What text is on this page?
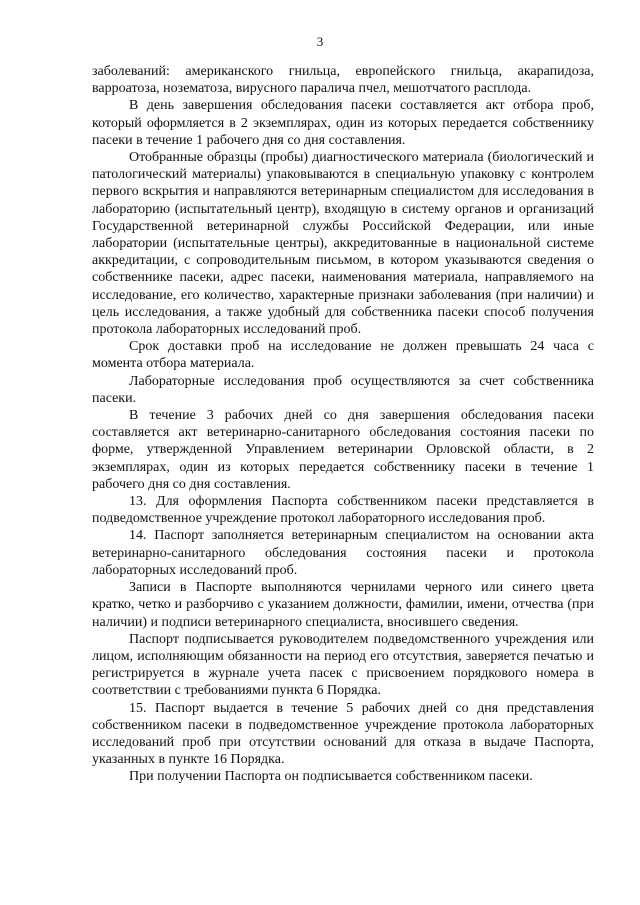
3

заболеваний: американского гнильца, европейского гнильца, акарапидоза, варроатоза, нозематоза, вирусного паралича пчел, мешотчатого расплода.

В день завершения обследования пасеки составляется акт отбора проб, который оформляется в 2 экземплярах, один из которых передается собственнику пасеки в течение 1 рабочего дня со дня составления.

Отобранные образцы (пробы) диагностического материала (биологический и патологический материалы) упаковываются в специальную упаковку с контролем первого вскрытия и направляются ветеринарным специалистом для исследования в лабораторию (испытательный центр), входящую в систему органов и организаций Государственной ветеринарной службы Российской Федерации, или иные лаборатории (испытательные центры), аккредитованные в национальной системе аккредитации, с сопроводительным письмом, в котором указываются сведения о собственнике пасеки, адрес пасеки, наименования материала, направляемого на исследование, его количество, характерные признаки заболевания (при наличии) и цель исследования, а также удобный для собственника пасеки способ получения протокола лабораторных исследований проб.

Срок доставки проб на исследование не должен превышать 24 часа с момента отбора материала.

Лабораторные исследования проб осуществляются за счет собственника пасеки.

В течение 3 рабочих дней со дня завершения обследования пасеки составляется акт ветеринарно-санитарного обследования состояния пасеки по форме, утвержденной Управлением ветеринарии Орловской области, в 2 экземплярах, один из которых передается собственнику пасеки в течение 1 рабочего дня со дня составления.

13. Для оформления Паспорта собственником пасеки представляется в подведомственное учреждение протокол лабораторного исследования проб.

14. Паспорт заполняется ветеринарным специалистом на основании акта ветеринарно-санитарного обследования состояния пасеки и протокола лабораторных исследований проб.

Записи в Паспорте выполняются чернилами черного или синего цвета кратко, четко и разборчиво с указанием должности, фамилии, имени, отчества (при наличии) и подписи ветеринарного специалиста, вносившего сведения.

Паспорт подписывается руководителем подведомственного учреждения или лицом, исполняющим обязанности на период его отсутствия, заверяется печатью и регистрируется в журнале учета пасек с присвоением порядкового номера в соответствии с требованиями пункта 6 Порядка.

15. Паспорт выдается в течение 5 рабочих дней со дня представления собственником пасеки в подведомственное учреждение протокола лабораторных исследований проб при отсутствии оснований для отказа в выдаче Паспорта, указанных в пункте 16 Порядка.

При получении Паспорта он подписывается собственником пасеки.
